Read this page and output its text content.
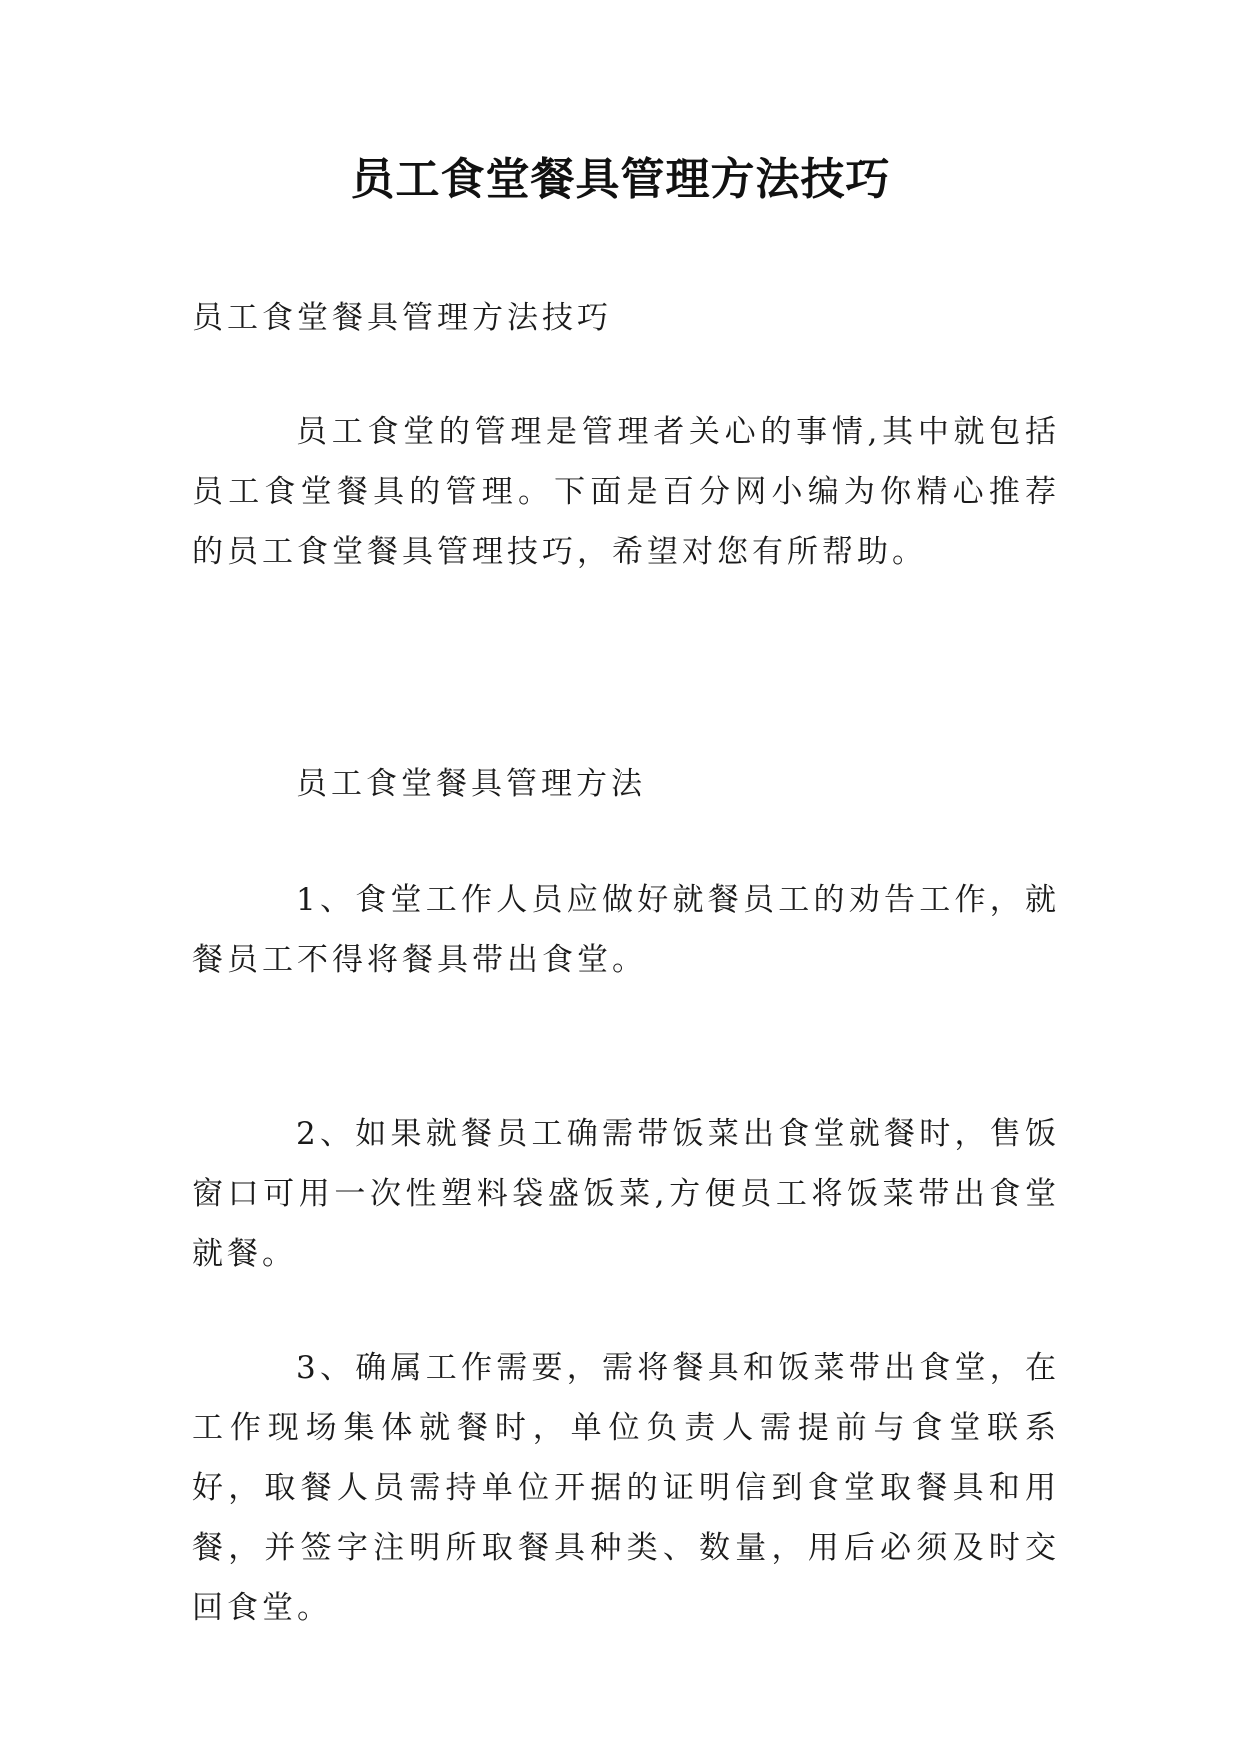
员工食堂餐具管理方法技巧

员工食堂餐具管理方法技巧

员工食堂的管理是管理者关心的事情,其中就包括员工食堂餐具的管理。下面是百分网小编为你精心推荐的员工食堂餐具管理技巧，希望对您有所帮助。

员工食堂餐具管理方法

1、食堂工作人员应做好就餐员工的劝告工作，就餐员工不得将餐具带出食堂。

2、如果就餐员工确需带饭菜出食堂就餐时，售饭窗口可用一次性塑料袋盛饭菜,方便员工将饭菜带出食堂就餐。

3、确属工作需要，需将餐具和饭菜带出食堂，在工作现场集体就餐时，单位负责人需提前与食堂联系好，取餐人员需持单位开据的证明信到食堂取餐具和用餐，并签字注明所取餐具种类、数量，用后必须及时交回食堂。
